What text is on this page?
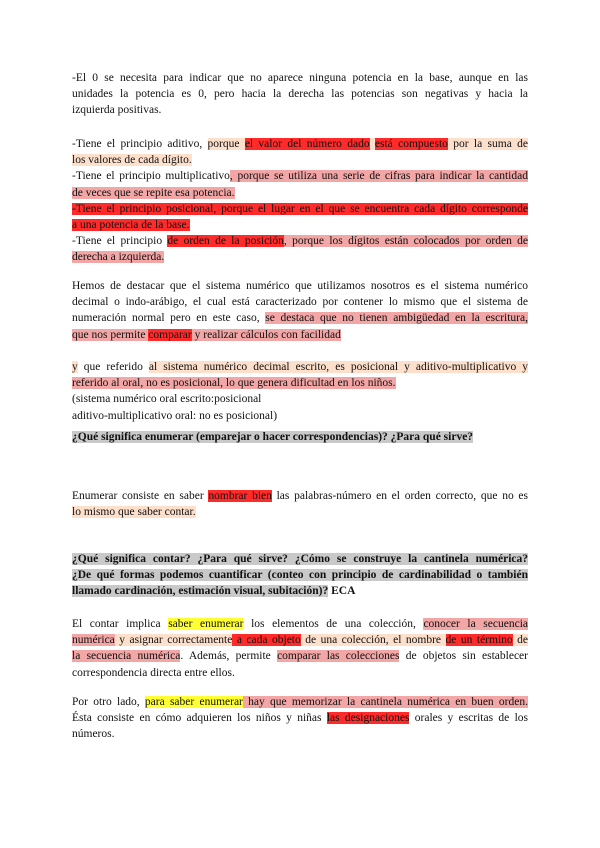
-El 0 se necesita para indicar que no aparece ninguna potencia en la base, aunque en las

unidades la potencia es 0, pero hacia la derecha las potencias son negativas y hacia la

izquierda positivas.

-Tiene el principio aditivo, porque el valor del número dado está compuesto por la suma de

los valores de cada dígito.

-Tiene el principio multiplicativo, porque se utiliza una serie de cifras para indicar la cantidad

de veces que se repite esa potencia.

-Tiene el principio posicional, porque el lugar en el que se encuentra cada dígito corresponde

a una potencia de la base.

-Tiene el principio de orden de la posición, porque los dígitos están colocados por orden de

derecha a izquierda.

Hemos de destacar que el sistema numérico que utilizamos nosotros es el sistema numérico

decimal o indo-arábigo, el cual está caracterizado por contener lo mismo que el sistema de

numeración normal pero en este caso, se destaca que no tienen ambigüedad en la escritura,

que nos permite comparar y realizar cálculos con facilidad

y que referido al sistema numérico decimal escrito, es posicional y aditivo-multiplicativo y

referido al oral, no es posicional, lo que genera dificultad en los niños.

(sistema numérico oral escrito:posicional

aditivo-multiplicativo oral: no es posicional)

¿Qué significa enumerar (emparejar o hacer correspondencias)? ¿Para qué sirve?

Enumerar consiste en saber nombrar bien las palabras-número en el orden correcto, que no es

lo mismo que saber contar.

¿Qué significa contar? ¿Para qué sirve? ¿Cómo se construye la cantinela numérica?

¿De qué formas podemos cuantificar (conteo con principio de cardinabilidad o también

llamado cardinación, estimación visual, subitación)? ECA

El contar implica saber enumerar los elementos de una colección, conocer la secuencia

numérica y asignar correctamente a cada objeto de una colección, el nombre de un término de

la secuencia numérica. Además, permite comparar las colecciones de objetos sin establecer

correspondencia directa entre ellos.

Por otro lado, para saber enumerar hay que memorizar la cantinela numérica en buen orden.

Ésta consiste en cómo adquieren los niños y niñas las designaciones orales y escritas de los

números.
